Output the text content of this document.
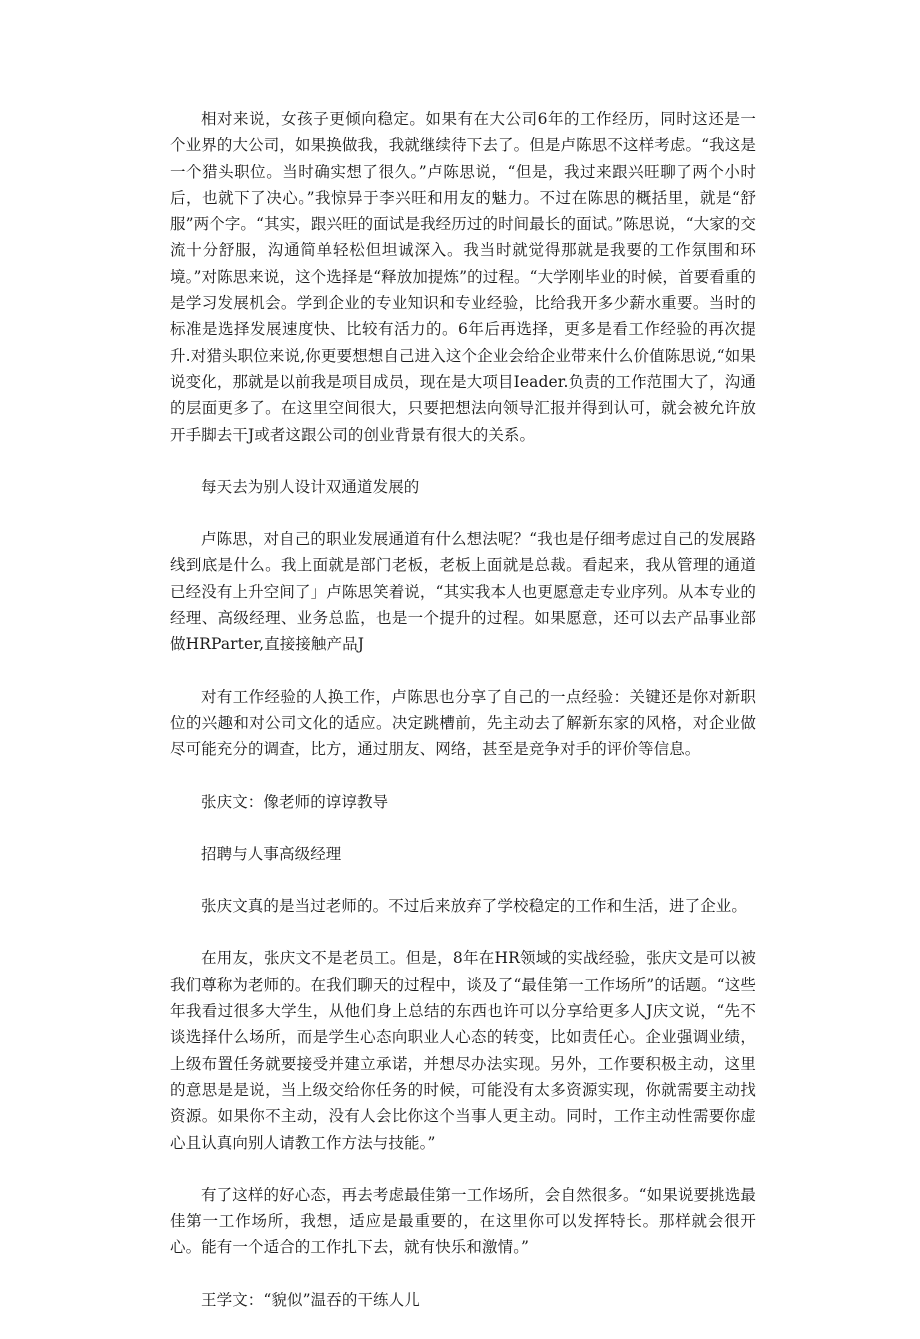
相对来说，女孩子更倾向稳定。如果有在大公司6年的工作经历，同时这还是一个业界的大公司，如果换做我，我就继续待下去了。但是卢陈思不这样考虑。“我这是一个猎头职位。当时确实想了很久。”卢陈思说，“但是，我过来跟兴旺聊了两个小时后，也就下了决心。”我惊异于李兴旺和用友的魅力。不过在陈思的概括里，就是“舒服”两个字。“其实，跟兴旺的面试是我经历过的时间最长的面试。”陈思说，“大家的交流十分舒服，沟通简单轻松但坦诚深入。我当时就觉得那就是我要的工作氛围和环境。”对陈思来说，这个选择是“释放加提炼”的过程。“大学刚毕业的时候，首要看重的是学习发展机会。学到企业的专业知识和专业经验，比给我开多少薪水重要。当时的标准是选择发展速度快、比较有活力的。6年后再选择，更多是看工作经验的再次提升.对猎头职位来说,你更要想想自己进入这个企业会给企业带来什么价值陈思说,“如果说变化，那就是以前我是项目成员，现在是大项目Ieader.负责的工作范围大了，沟通的层面更多了。在这里空间很大，只要把想法向领导汇报并得到认可，就会被允许放开手脚去干J或者这跟公司的创业背景有很大的关系。

每天去为别人设计双通道发展的

卢陈思，对自己的职业发展通道有什么想法呢？“我也是仔细考虑过自己的发展路线到底是什么。我上面就是部门老板，老板上面就是总裁。看起来，我从管理的通道已经没有上升空间了」卢陈思笑着说，“其实我本人也更愿意走专业序列。从本专业的经理、高级经理、业务总监，也是一个提升的过程。如果愿意，还可以去产品事业部做HRParter,直接接触产品J

对有工作经验的人换工作，卢陈思也分享了自己的一点经验：关键还是你对新职位的兴趣和对公司文化的适应。决定跳槽前，先主动去了解新东家的风格，对企业做尽可能充分的调查，比方，通过朋友、网络，甚至是竞争对手的评价等信息。

张庆文：像老师的谆谆教导

招聘与人事高级经理

张庆文真的是当过老师的。不过后来放弃了学校稳定的工作和生活，进了企业。

在用友，张庆文不是老员工。但是，8年在HR领域的实战经验，张庆文是可以被我们尊称为老师的。在我们聊天的过程中，谈及了“最佳第一工作场所”的话题。“这些年我看过很多大学生，从他们身上总结的东西也许可以分享给更多人J庆文说，“先不谈选择什么场所，而是学生心态向职业人心态的转变，比如责任心。企业强调业绩，上级布置任务就要接受并建立承诺，并想尽办法实现。另外，工作要积极主动，这里的意思是是说，当上级交给你任务的时候，可能没有太多资源实现，你就需要主动找资源。如果你不主动，没有人会比你这个当事人更主动。同时，工作主动性需要你虚心且认真向别人请教工作方法与技能。”

有了这样的好心态，再去考虑最佳第一工作场所，会自然很多。“如果说要挑选最佳第一工作场所，我想，适应是最重要的，在这里你可以发挥特长。那样就会很开心。能有一个适合的工作扎下去，就有快乐和激情。”

王学文：“貌似”温吞的干练人儿
